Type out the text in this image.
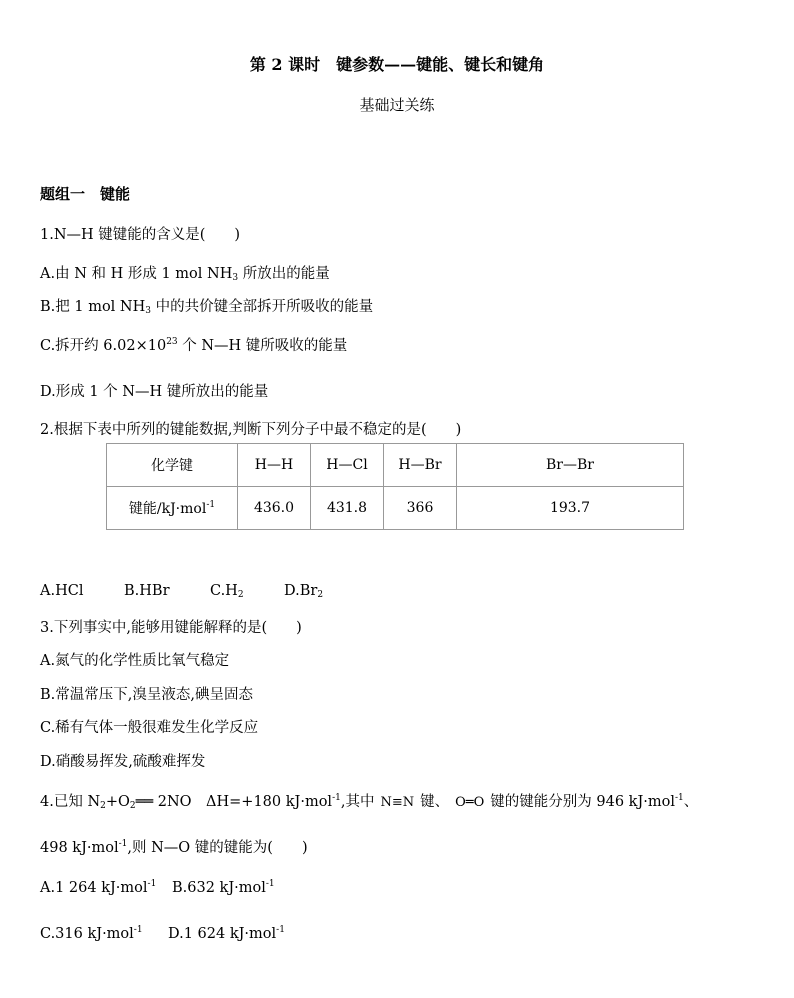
第 2 课时　键参数——键能、键长和键角
基础过关练
题组一　键能
1.N—H 键键能的含义是(　　)
A.由 N 和 H 形成 1 mol $NH_3$ 所放出的能量
B.把 1 mol $NH_3$ 中的共价键全部拆开所吸收的能量
C.拆开约 $6.02\times 10^{23}$ 个 N—H 键所吸收的能量
D.形成 1 个 N—H 键所放出的能量
2.根据下表中所列的键能数据,判断下列分子中最不稳定的是(　　)
化学键	H—H	H—Cl	H—Br	Br—Br
键能/kJ·mol$^{-1}$	436.0	431.8	366	193.7
A.HCl	B.HBr	$C.H_2$	$D.Br_2$
3.下列事实中,能够用键能解释的是(　　)
A.氮气的化学性质比氧气稳定
B.常温常压下,溴呈液态,碘呈固态
C.稀有气体一般很难发生化学反应
D.硝酸易挥发,硫酸难挥发
4.已知 $N_2+O_2══$ 2NO　ΔH=+180 kJ·mol$^{-1}$,其中 N≡N 键、 O═O 键的键能分别为 946 kJ·mol$^{-1}$、
498 kJ·mol$^{-1}$,则 N—O 键的键能为(　　)
A.1 264 kJ·mol$^{-1}$ B.632 kJ·mol$^{-1}$
C.316 kJ·mol$^{-1}$ D.1 624 kJ·mol$^{-1}$
